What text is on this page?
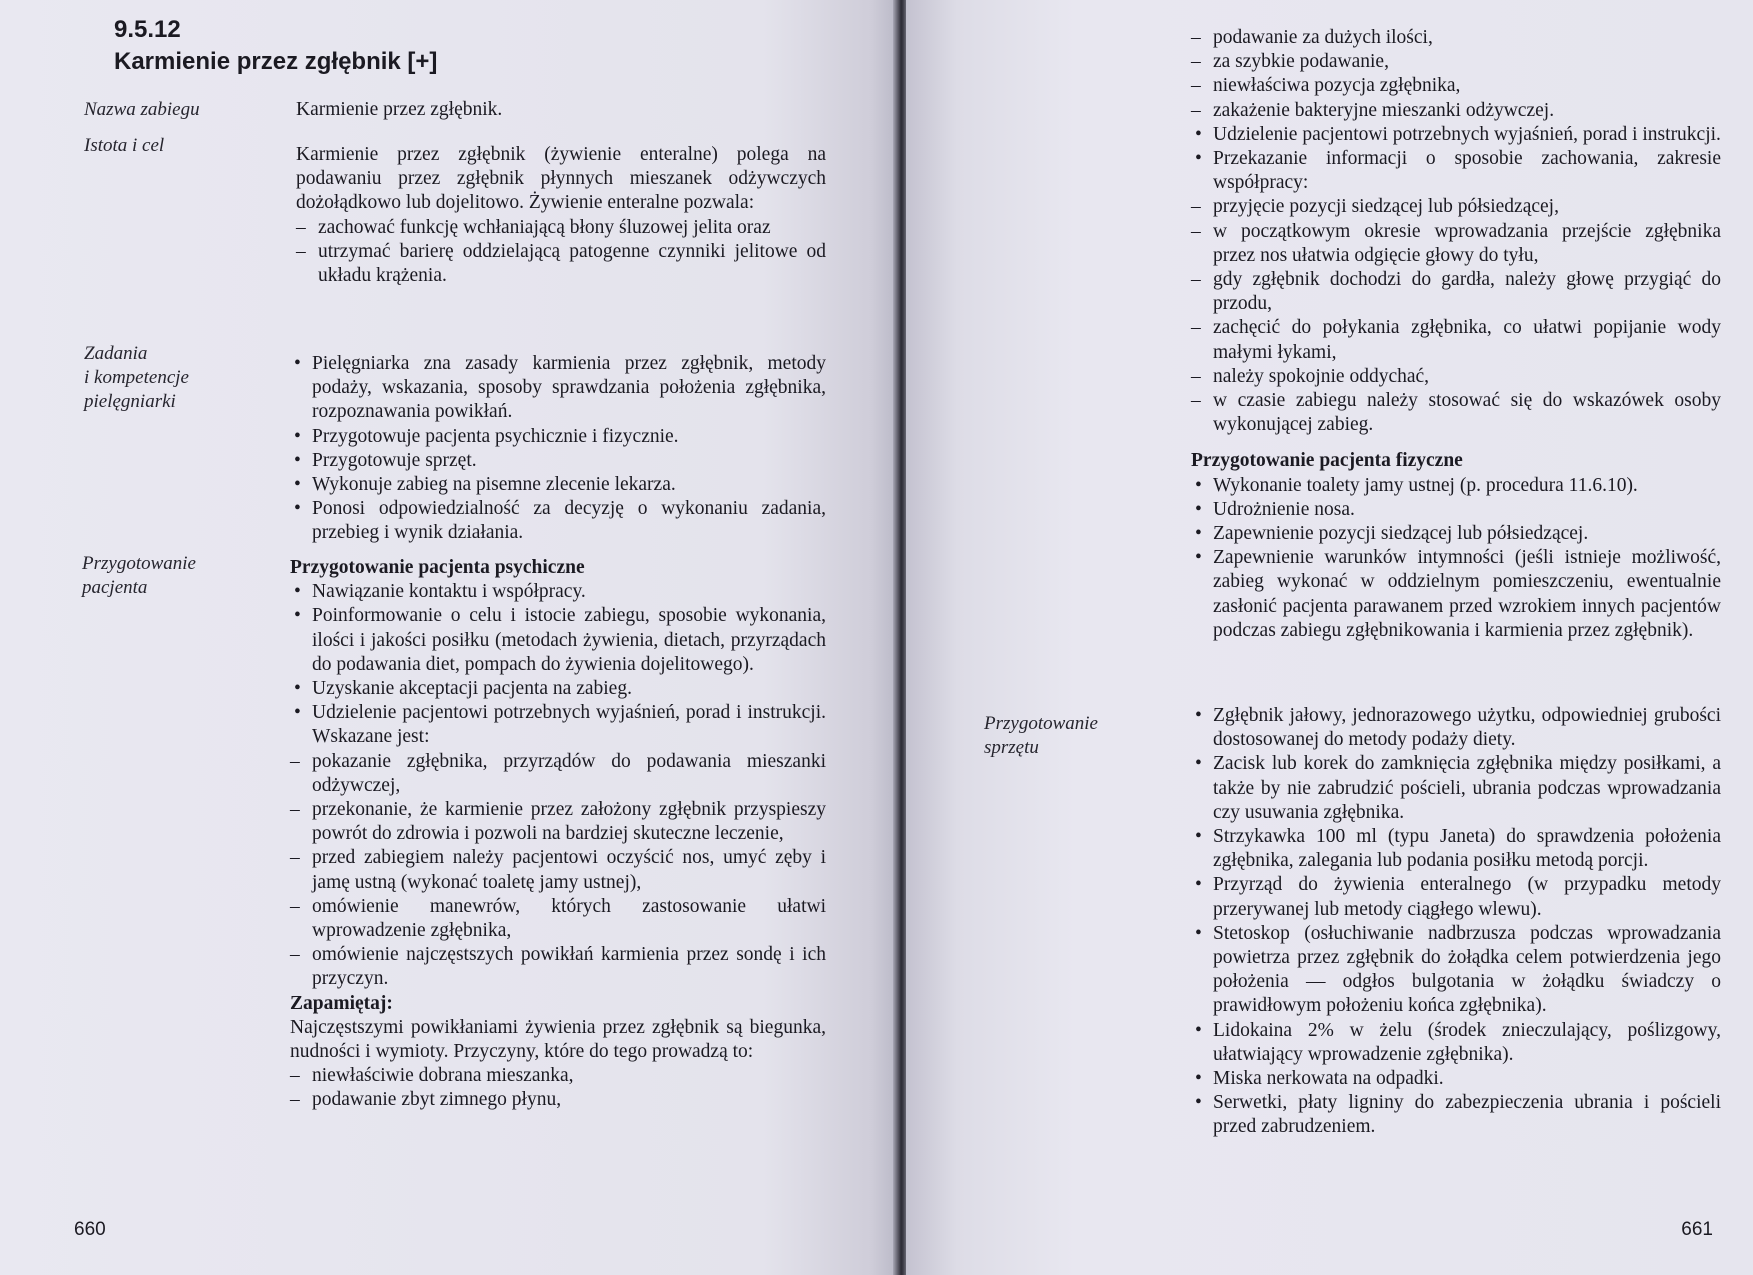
9.5.12
Karmienie przez zgłębnik [+]
Nazwa zabiegu	Karmienie przez zgłębnik.
Istota i cel	Karmienie przez zgłębnik (żywienie enteralne) polega na podawaniu przez zgłębnik płynnych mieszanek odżywczych dożołądkowo lub dojelitowo. Żywienie enteralne pozwala:
– zachować funkcję wchłaniającą błony śluzowej jelita oraz
– utrzymać barierę oddzielającą patogenne czynniki jelitowe od układu krążenia.
Zadania
i kompetencje
pielęgniarki
• Pielęgniarka zna zasady karmienia przez zgłębnik, metody podaży, wskazania, sposoby sprawdzania położenia zgłębnika, rozpoznawania powikłań.
• Przygotowuje pacjenta psychicznie i fizycznie.
• Przygotowuje sprzęt.
• Wykonuje zabieg na pisemne zlecenie lekarza.
• Ponosi odpowiedzialność za decyzję o wykonaniu zadania, przebieg i wynik działania.
Przygotowanie
pacjenta
Przygotowanie pacjenta psychiczne
• Nawiązanie kontaktu i współpracy.
• Poinformowanie o celu i istocie zabiegu, sposobie wykonania, ilości i jakości posiłku (metodach żywienia, dietach, przyrządach do podawania diet, pompach do żywienia dojelitowego).
• Uzyskanie akceptacji pacjenta na zabieg.
• Udzielenie pacjentowi potrzebnych wyjaśnień, porad i instrukcji. Wskazane jest:
– pokazanie zgłębnika, przyrządów do podawania mieszanki odżywczej,
– przekonanie, że karmienie przez założony zgłębnik przyspieszy powrót do zdrowia i pozwoli na bardziej skuteczne leczenie,
– przed zabiegiem należy pacjentowi oczyścić nos, umyć zęby i jamę ustną (wykonać toaletę jamy ustnej),
– omówienie manewrów, których zastosowanie ułatwi wprowadzenie zgłębnika,
– omówienie najczęstszych powikłań karmienia przez sondę i ich przyczyn.
Zapamiętaj:
Najczęstszymi powikłaniami żywienia przez zgłębnik są biegunka, nudności i wymioty. Przyczyny, które do tego prowadzą to:
– niewłaściwie dobrana mieszanka,
– podawanie zbyt zimnego płynu,
660
– podawanie za dużych ilości,
– za szybkie podawanie,
– niewłaściwa pozycja zgłębnika,
– zakażenie bakteryjne mieszanki odżywczej.
• Udzielenie pacjentowi potrzebnych wyjaśnień, porad i instrukcji.
• Przekazanie informacji o sposobie zachowania, zakresie współpracy:
– przyjęcie pozycji siedzącej lub półsiedzącej,
– w początkowym okresie wprowadzania przejście zgłębnika przez nos ułatwia odgięcie głowy do tyłu,
– gdy zgłębnik dochodzi do gardła, należy głowę przygiąć do przodu,
– zachęcić do połykania zgłębnika, co ułatwi popijanie wody małymi łykami,
– należy spokojnie oddychać,
– w czasie zabiegu należy stosować się do wskazówek osoby wykonującej zabieg.
Przygotowanie pacjenta fizyczne
• Wykonanie toalety jamy ustnej (p. procedura 11.6.10).
• Udrożnienie nosa.
• Zapewnienie pozycji siedzącej lub półsiedzącej.
• Zapewnienie warunków intymności (jeśli istnieje możliwość, zabieg wykonać w oddzielnym pomieszczeniu, ewentualnie zasłonić pacjenta parawanem przed wzrokiem innych pacjentów podczas zabiegu zgłębnikowania i karmienia przez zgłębnik).
Przygotowanie
sprzętu
• Zgłębnik jałowy, jednorazowego użytku, odpowiedniej grubości dostosowanej do metody podaży diety.
• Zacisk lub korek do zamknięcia zgłębnika między posiłkami, a także by nie zabrudzić pościeli, ubrania podczas wprowadzania czy usuwania zgłębnika.
• Strzykawka 100 ml (typu Janeta) do sprawdzenia położenia zgłębnika, zalegania lub podania posiłku metodą porcji.
• Przyrząd do żywienia enteralnego (w przypadku metody przerywanej lub metody ciągłego wlewu).
• Stetoskop (osłuchiwanie nadbrzusza podczas wprowadzania powietrza przez zgłębnik do żołądka celem potwierdzenia jego położenia — odgłos bulgotania w żołądku świadczy o prawidłowym położeniu końca zgłębnika).
• Lidokaina 2% w żelu (środek znieczulający, poślizgowy, ułatwiający wprowadzenie zgłębnika).
• Miska nerkowata na odpadki.
• Serwetki, płaty ligniny do zabezpieczenia ubrania i pościeli przed zabrudzeniem.
661
